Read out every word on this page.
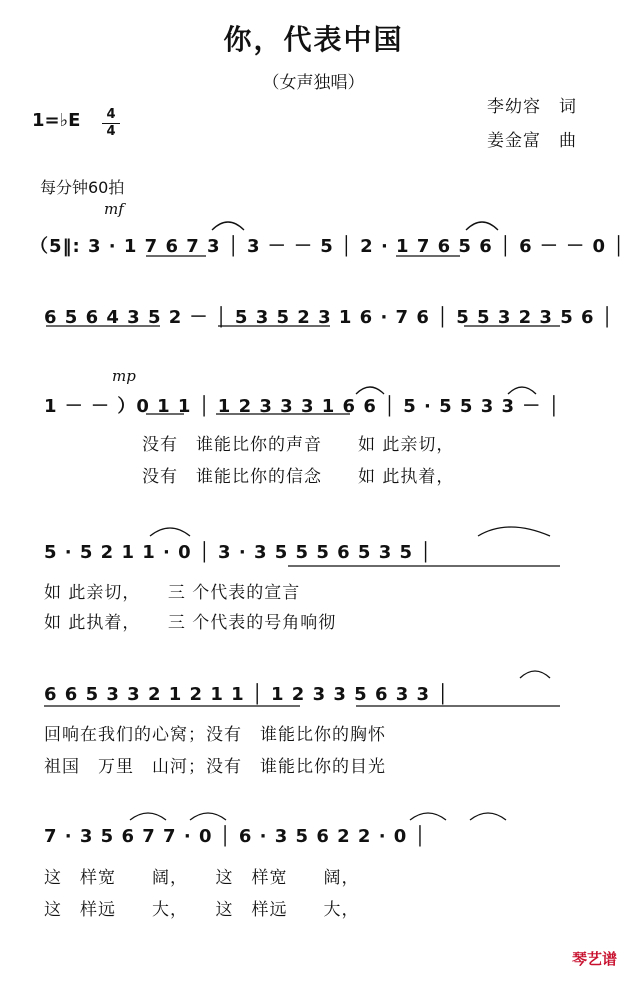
你，代表中国
（女声独唱）
李幼容　词
姜金富　曲
1=♭E	4
4
每分钟60拍
mf
mp
（5‖: 3 · 1 7 6 7 3 │ 3 － － 5 │ 2 · 1 7 6 5 6 │ 6 － － 0 │
6 5 6 4 3 5 2 － │ 5 3 5 2 3 1 6 · 7 6 │ 5 5 3 2 3 5 6 │
1 － － ）0 1 1 │ 1 2 3 3 3 1 6 6 │ 5 · 5 5 3 3 － │
没有　谁能比你的声音　　如 此亲切，
没有　谁能比你的信念　　如 此执着，
5 · 5 2 1 1 · 0 │ 3 · 3 5 5 5 6 5 3 5 │
如 此亲切，　　三 个代表的宣言
如 此执着，　　三 个代表的号角响彻
6 6 5 3 3 2 1 2 1 1 │ 1 2 3 3 5 6 3 3 │
回响在我们的心窝；没有　谁能比你的胸怀
祖国　万里　山河；没有　谁能比你的目光
7 · 3 5 6 7 7 · 0 │ 6 · 3 5 6 2 2 · 0 │
这　样宽　　阔，　　这　样宽　　阔，
这　样远　　大，　　这　样远　　大，
琴艺谱
